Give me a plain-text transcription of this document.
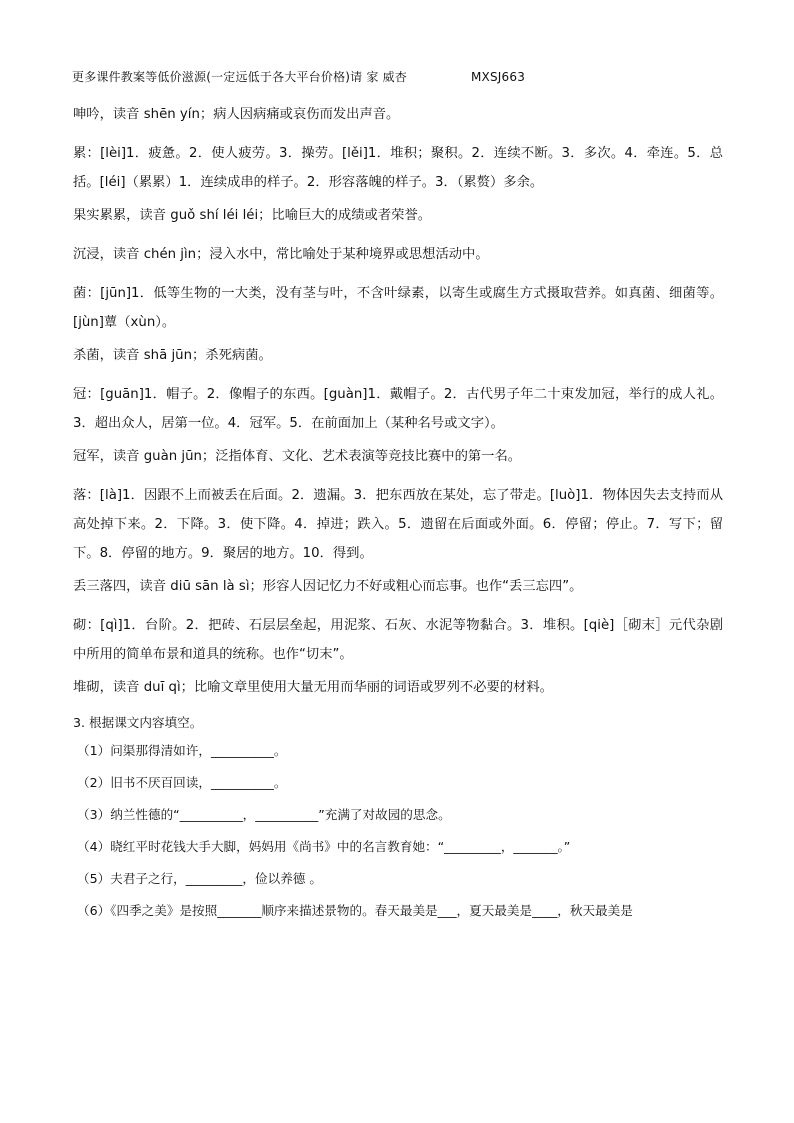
更多课件教案等低价滋源(一定远低于各大平台价格)请 家 威杏	MXSJ663

呻吟，读音 shēn yín；病人因病痛或哀伤而发出声音。

累：[lèi]1．疲惫。2．使人疲劳。3．操劳。[lěi]1．堆积；聚积。2．连续不断。3．多次。4．牵连。5．总括。[léi]（累累）1．连续成串的样子。2．形容落魄的样子。3．（累赘）多余。

果实累累，读音 guǒ shí léi léi；比喻巨大的成绩或者荣誉。

沉浸，读音 chén jìn；浸入水中，常比喻处于某种境界或思想活动中。

菌：[jūn]1．低等生物的一大类，没有茎与叶，不含叶绿素，以寄生或腐生方式摄取营养。如真菌、细菌等。[jùn]蕈（xùn）。

杀菌，读音 shā jūn；杀死病菌。

冠：[guān]1．帽子。2．像帽子的东西。[guàn]1．戴帽子。2．古代男子年二十束发加冠，举行的成人礼。3．超出众人，居第一位。4．冠军。5．在前面加上（某种名号或文字）。

冠军，读音 guàn jūn；泛指体育、文化、艺术表演等竞技比赛中的第一名。

落：[là]1．因跟不上而被丢在后面。2．遗漏。3．把东西放在某处，忘了带走。[luò]1．物体因失去支持而从高处掉下来。2．下降。3．使下降。4．掉进；跌入。5．遗留在后面或外面。6．停留；停止。7．写下；留下。8．停留的地方。9．聚居的地方。10．得到。

丢三落四，读音 diū sān là sì；形容人因记忆力不好或粗心而忘事。也作“丢三忘四”。

砌：[qì]1．台阶。2．把砖、石层层垒起，用泥浆、石灰、水泥等物黏合。3．堆积。[qiè]［砌末］元代杂剧中所用的简单布景和道具的统称。也作“切末”。

堆砌，读音 duī qì；比喻文章里使用大量无用而华丽的词语或罗列不必要的材料。

3. 根据课文内容填空。
（1）问渠那得清如许，__________。
（2）旧书不厌百回读，__________。
（3）纳兰性德的“__________，__________”充满了对故园的思念。
（4）晓红平时花钱大手大脚，妈妈用《尚书》中的名言教育她：“_________，_______。”
（5）夫君子之行，_________，俭以养德 。
（6）《四季之美》是按照_______顺序来描述景物的。春天最美是___，夏天最美是____，秋天最美是
